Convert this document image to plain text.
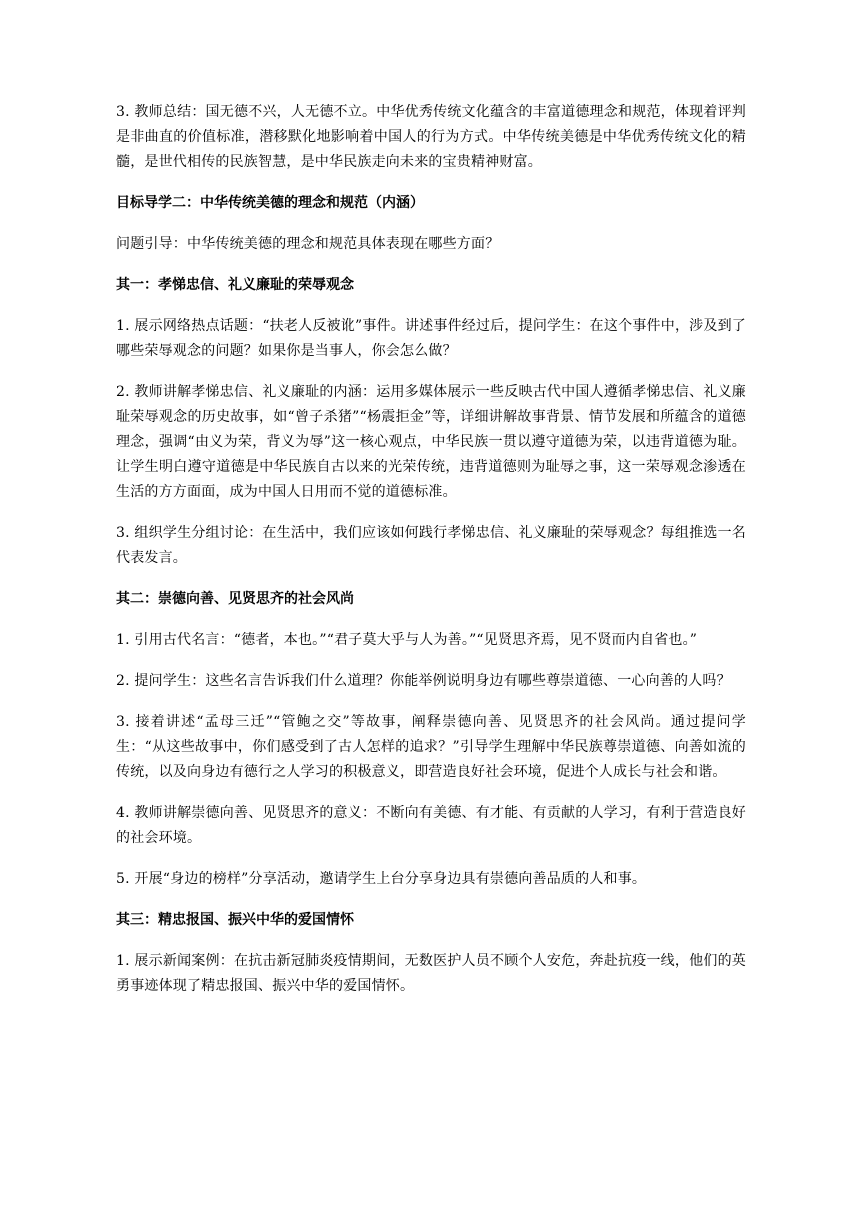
3. 教师总结：国无德不兴，人无德不立。中华优秀传统文化蕴含的丰富道德理念和规范，体现着评判是非曲直的价值标准，潜移默化地影响着中国人的行为方式。中华传统美德是中华优秀传统文化的精髓，是世代相传的民族智慧，是中华民族走向未来的宝贵精神财富。

目标导学二：中华传统美德的理念和规范（内涵）

问题引导：中华传统美德的理念和规范具体表现在哪些方面？

其一：孝悌忠信、礼义廉耻的荣辱观念

1. 展示网络热点话题：“扶老人反被讹”事件。讲述事件经过后，提问学生：在这个事件中，涉及到了哪些荣辱观念的问题？如果你是当事人，你会怎么做？

2. 教师讲解孝悌忠信、礼义廉耻的内涵：运用多媒体展示一些反映古代中国人遵循孝悌忠信、礼义廉耻荣辱观念的历史故事，如“曾子杀猪”“杨震拒金”等，详细讲解故事背景、情节发展和所蕴含的道德理念，强调“由义为荣，背义为辱”这一核心观点，中华民族一贯以遵守道德为荣，以违背道德为耻。让学生明白遵守道德是中华民族自古以来的光荣传统，违背道德则为耻辱之事，这一荣辱观念渗透在生活的方方面面，成为中国人日用而不觉的道德标准。

3. 组织学生分组讨论：在生活中，我们应该如何践行孝悌忠信、礼义廉耻的荣辱观念？每组推选一名代表发言。

其二：崇德向善、见贤思齐的社会风尚

1. 引用古代名言：“德者，本也。”“君子莫大乎与人为善。”“见贤思齐焉，见不贤而内自省也。”

2. 提问学生：这些名言告诉我们什么道理？你能举例说明身边有哪些尊崇道德、一心向善的人吗？

3. 接着讲述“孟母三迁”“管鲍之交”等故事，阐释崇德向善、见贤思齐的社会风尚。通过提问学生：“从这些故事中，你们感受到了古人怎样的追求？”引导学生理解中华民族尊崇道德、向善如流的传统，以及向身边有德行之人学习的积极意义，即营造良好社会环境，促进个人成长与社会和谐。

4. 教师讲解崇德向善、见贤思齐的意义：不断向有美德、有才能、有贡献的人学习，有利于营造良好的社会环境。

5. 开展“身边的榜样”分享活动，邀请学生上台分享身边具有崇德向善品质的人和事。

其三：精忠报国、振兴中华的爱国情怀

1. 展示新闻案例：在抗击新冠肺炎疫情期间，无数医护人员不顾个人安危，奔赴抗疫一线，他们的英勇事迹体现了精忠报国、振兴中华的爱国情怀。
